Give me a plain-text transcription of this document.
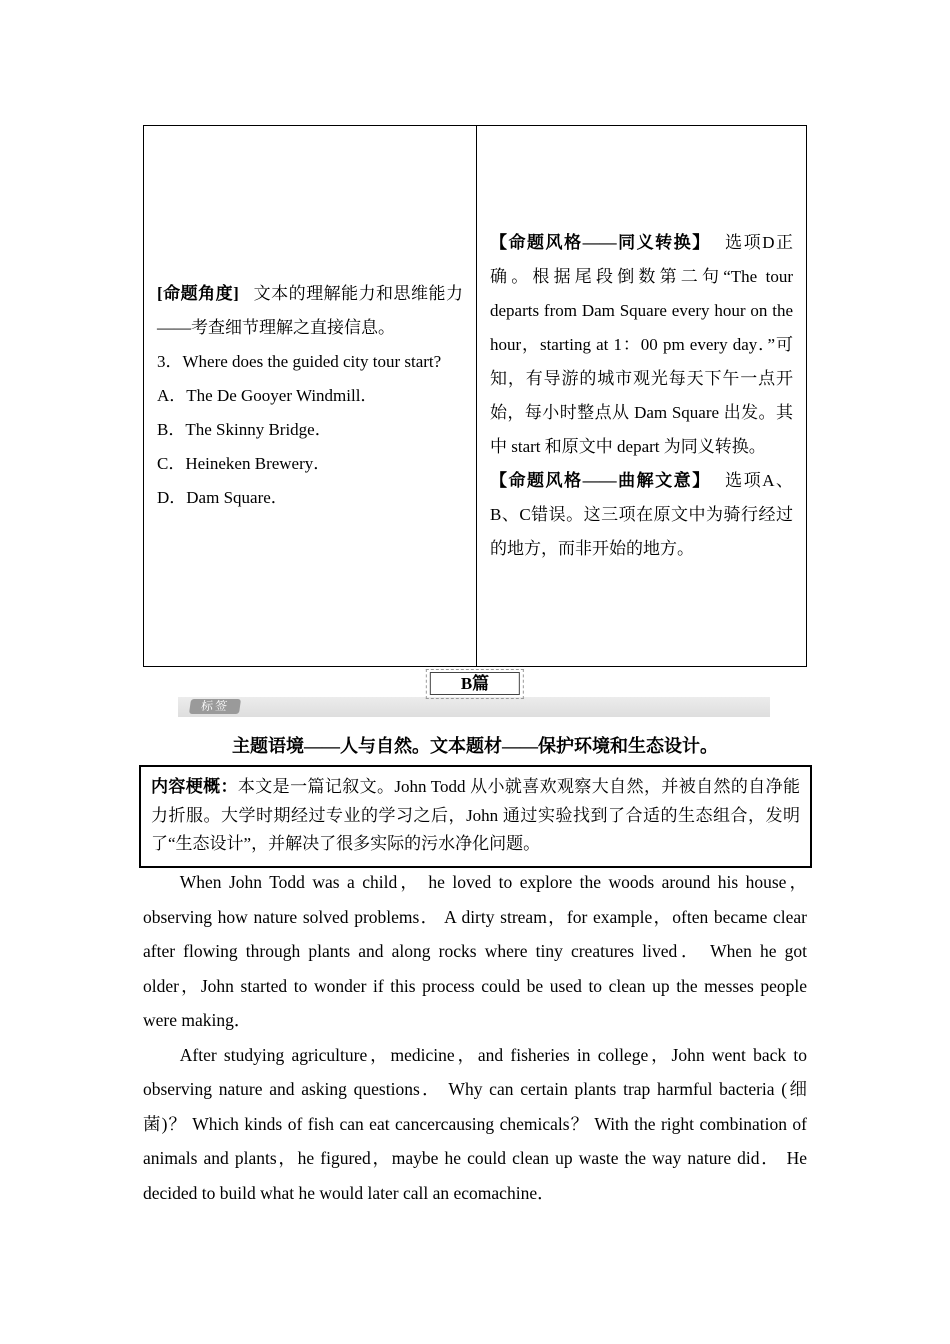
[命题角度] 文本的理解能力和思维能力——考查细节理解之直接信息。

3．Where does the guided city tour start?

A．The De Gooyer Windmill．

B．The Skinny Bridge．

C．Heineken Brewery．

D．Dam Square．

【命题风格——同义转换】 选项D正确。根据尾段倒数第二句“The tour departs from Dam Square every hour on the hour，starting at 1：00 pm every day．”可知，有导游的城市观光每天下午一点开始，每小时整点从 Dam Square 出发。其中 start 和原文中 depart 为同义转换。

【命题风格——曲解文意】 选项A、B、C错误。这三项在原文中为骑行经过的地方，而非开始的地方。

B篇
标签
主题语境——人与自然。文本题材——保护环境和生态设计。

内容梗概：本文是一篇记叙文。John Todd 从小就喜欢观察大自然，并被自然的自净能力折服。大学时期经过专业的学习之后，John 通过实验找到了合适的生态组合，发明了“生态设计”，并解决了很多实际的污水净化问题。

When John Todd was a child， he loved to explore the woods around his house，observing how nature solved problems． A dirty stream，for example，often became clear after flowing through plants and along rocks where tiny creatures lived． When he got older，John started to wonder if this process could be used to clean up the messes people were making．

After studying agriculture，medicine，and fisheries in college，John went back to observing nature and asking questions． Why can certain plants trap harmful bacteria (细菌)？ Which kinds of fish can eat cancercausing chemicals？ With the right combination of animals and plants，he figured，maybe he could clean up waste the way nature did． He decided to build what he would later call an ecomachine．
